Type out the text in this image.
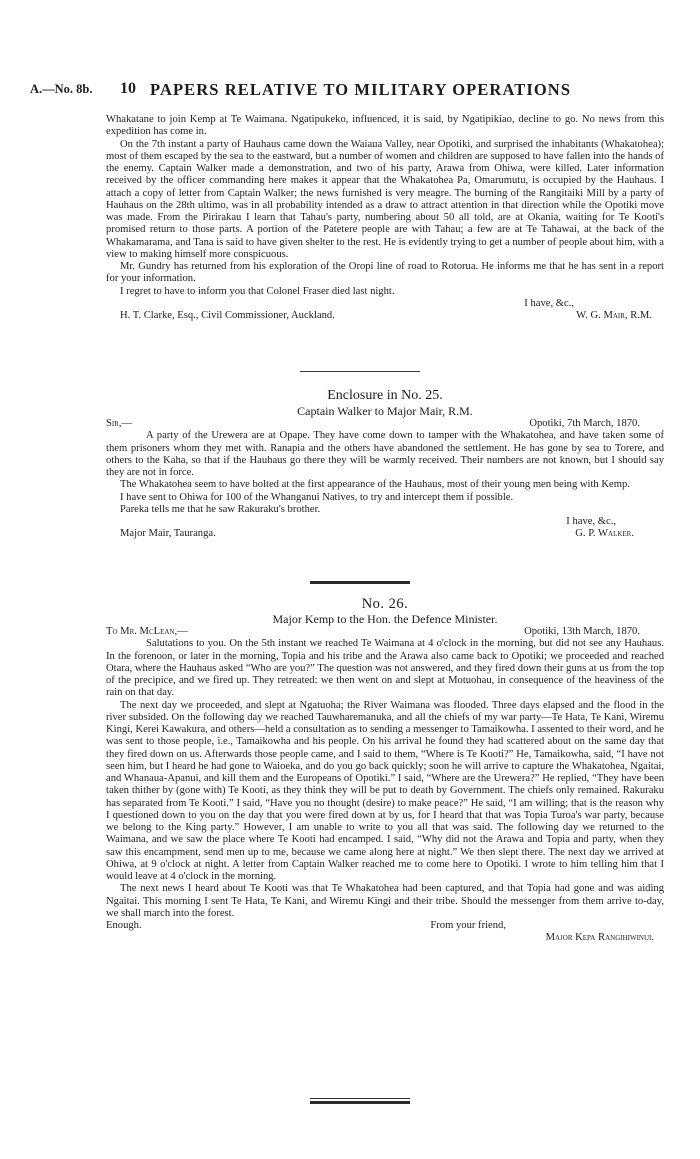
A.—No. 8b. 10 PAPERS RELATIVE TO MILITARY OPERATIONS

Whakatane to join Kemp at Te Waimana. Ngatipukeko, influenced, it is said, by Ngatipikiao, decline to go. No news from this expedition has come in.

On the 7th instant a party of Hauhaus came down the Waiaua Valley, near Opotiki, and surprised the inhabitants (Whakatohea); most of them escaped by the sea to the eastward, but a number of women and children are supposed to have fallen into the hands of the enemy. Captain Walker made a demonstration, and two of his party, Arawa from Ohiwa, were killed. Later information received by the officer commanding here makes it appear that the Whakatohea Pa, Omarumutu, is occupied by the Hauhaus. I attach a copy of letter from Captain Walker; the news furnished is very meagre. The burning of the Rangitaiki Mill by a party of Hauhaus on the 28th ultimo, was in all probability intended as a draw to attract attention in that direction while the Opotiki move was made. From the Pirirakau I learn that Tahau's party, numbering about 50 all told, are at Okania, waiting for Te Kooti's promised return to those parts. A portion of the Patetere people are with Tahau; a few are at Te Tahawai, at the back of the Whakamarama, and Tana is said to have given shelter to the rest. He is evidently trying to get a number of people about him, with a view to making himself more conspicuous.

Mr. Gundry has returned from his exploration of the Oropi line of road to Rotorua. He informs me that he has sent in a report for your information.

I regret to have to inform you that Colonel Fraser died last night.

I have, &c.,
H. T. Clarke, Esq., Civil Commissioner, Auckland.	W. G. Mair, R.M.
Enclosure in No. 25.
Captain Walker to Major Mair, R.M.
Sir,—	Opotiki, 7th March, 1870.

A party of the Urewera are at Opape. They have come down to tamper with the Whakatohea, and have taken some of them prisoners whom they met with. Ranapia and the others have abandoned the settlement. He has gone by sea to Torere, and others to the Kaha, so that if the Hauhaus go there they will be warmly received. Their numbers are not known, but I should say they are not in force.

The Whakatohea seem to have bolted at the first appearance of the Hauhaus, most of their young men being with Kemp.

I have sent to Ohiwa for 100 of the Whanganui Natives, to try and intercept them if possible.

Pareka tells me that he saw Rakuraku's brother.

I have, &c.,
Major Mair, Tauranga.	G. P. Walker.
No. 26.
Major Kemp to the Hon. the Defence Minister.
To Mr. McLean,—	Opotiki, 13th March, 1870.

Salutations to you. On the 5th instant we reached Te Waimana at 4 o'clock in the morning, but did not see any Hauhaus. In the forenoon, or later in the morning, Topia and his tribe and the Arawa also came back to Opotiki; we proceeded and reached Otara, where the Hauhaus asked “Who are you?” The question was not answered, and they fired down their guns at us from the top of the precipice, and we fired up. They retreated: we then went on and slept at Motuohau, in consequence of the heaviness of the rain on that day.

The next day we proceeded, and slept at Ngatuoha; the River Waimana was flooded. Three days elapsed and the flood in the river subsided. On the following day we reached Tauwharemanuka, and all the chiefs of my war party—Te Hata, Te Kani, Wiremu Kingi, Kerei Kawakura, and others—held a consultation as to sending a messenger to Tamaikowha. I assented to their word, and he was sent to those people, i.e., Tamaikowha and his people. On his arrival he found they had scattered about on the same day that they fired down on us. Afterwards those people came, and I said to them, “Where is Te Kooti?” He, Tamaikowha, said, “I have not seen him, but I heard he had gone to Waioeka, and do you go back quickly; soon he will arrive to capture the Whakatohea, Ngaitai, and Whanaua-Apanui, and kill them and the Europeans of Opotiki.” I said, “Where are the Urewera?” He replied, “They have been taken thither by (gone with) Te Kooti, as they think they will be put to death by Government. The chiefs only remained. Rakuraku has separated from Te Kooti.” I said, “Have you no thought (desire) to make peace?” He said, “I am willing; that is the reason why I questioned down to you on the day that you were fired down at by us, for I heard that that was Topia Turoa's war party, because we belong to the King party.” However, I am unable to write to you all that was said. The following day we returned to the Waimana, and we saw the place where Te Kooti had encamped. I said, “Why did not the Arawa and Topia and party, when they saw this encampment, send men up to me, because we came along here at night.” We then slept there. The next day we arrived at Ohiwa, at 9 o'clock at night. A letter from Captain Walker reached me to come here to Opotiki. I wrote to him telling him that I would leave at 4 o'clock in the morning.

The next news I heard about Te Kooti was that Te Whakatohea had been captured, and that Topia had gone and was aiding Ngaitai. This morning I sent Te Hata, Te Kani, and Wiremu Kingi and their tribe. Should the messenger from them arrive to-day, we shall march into the forest.

Enough.	From your friend,
Major Kepa Rangihiwinui.
